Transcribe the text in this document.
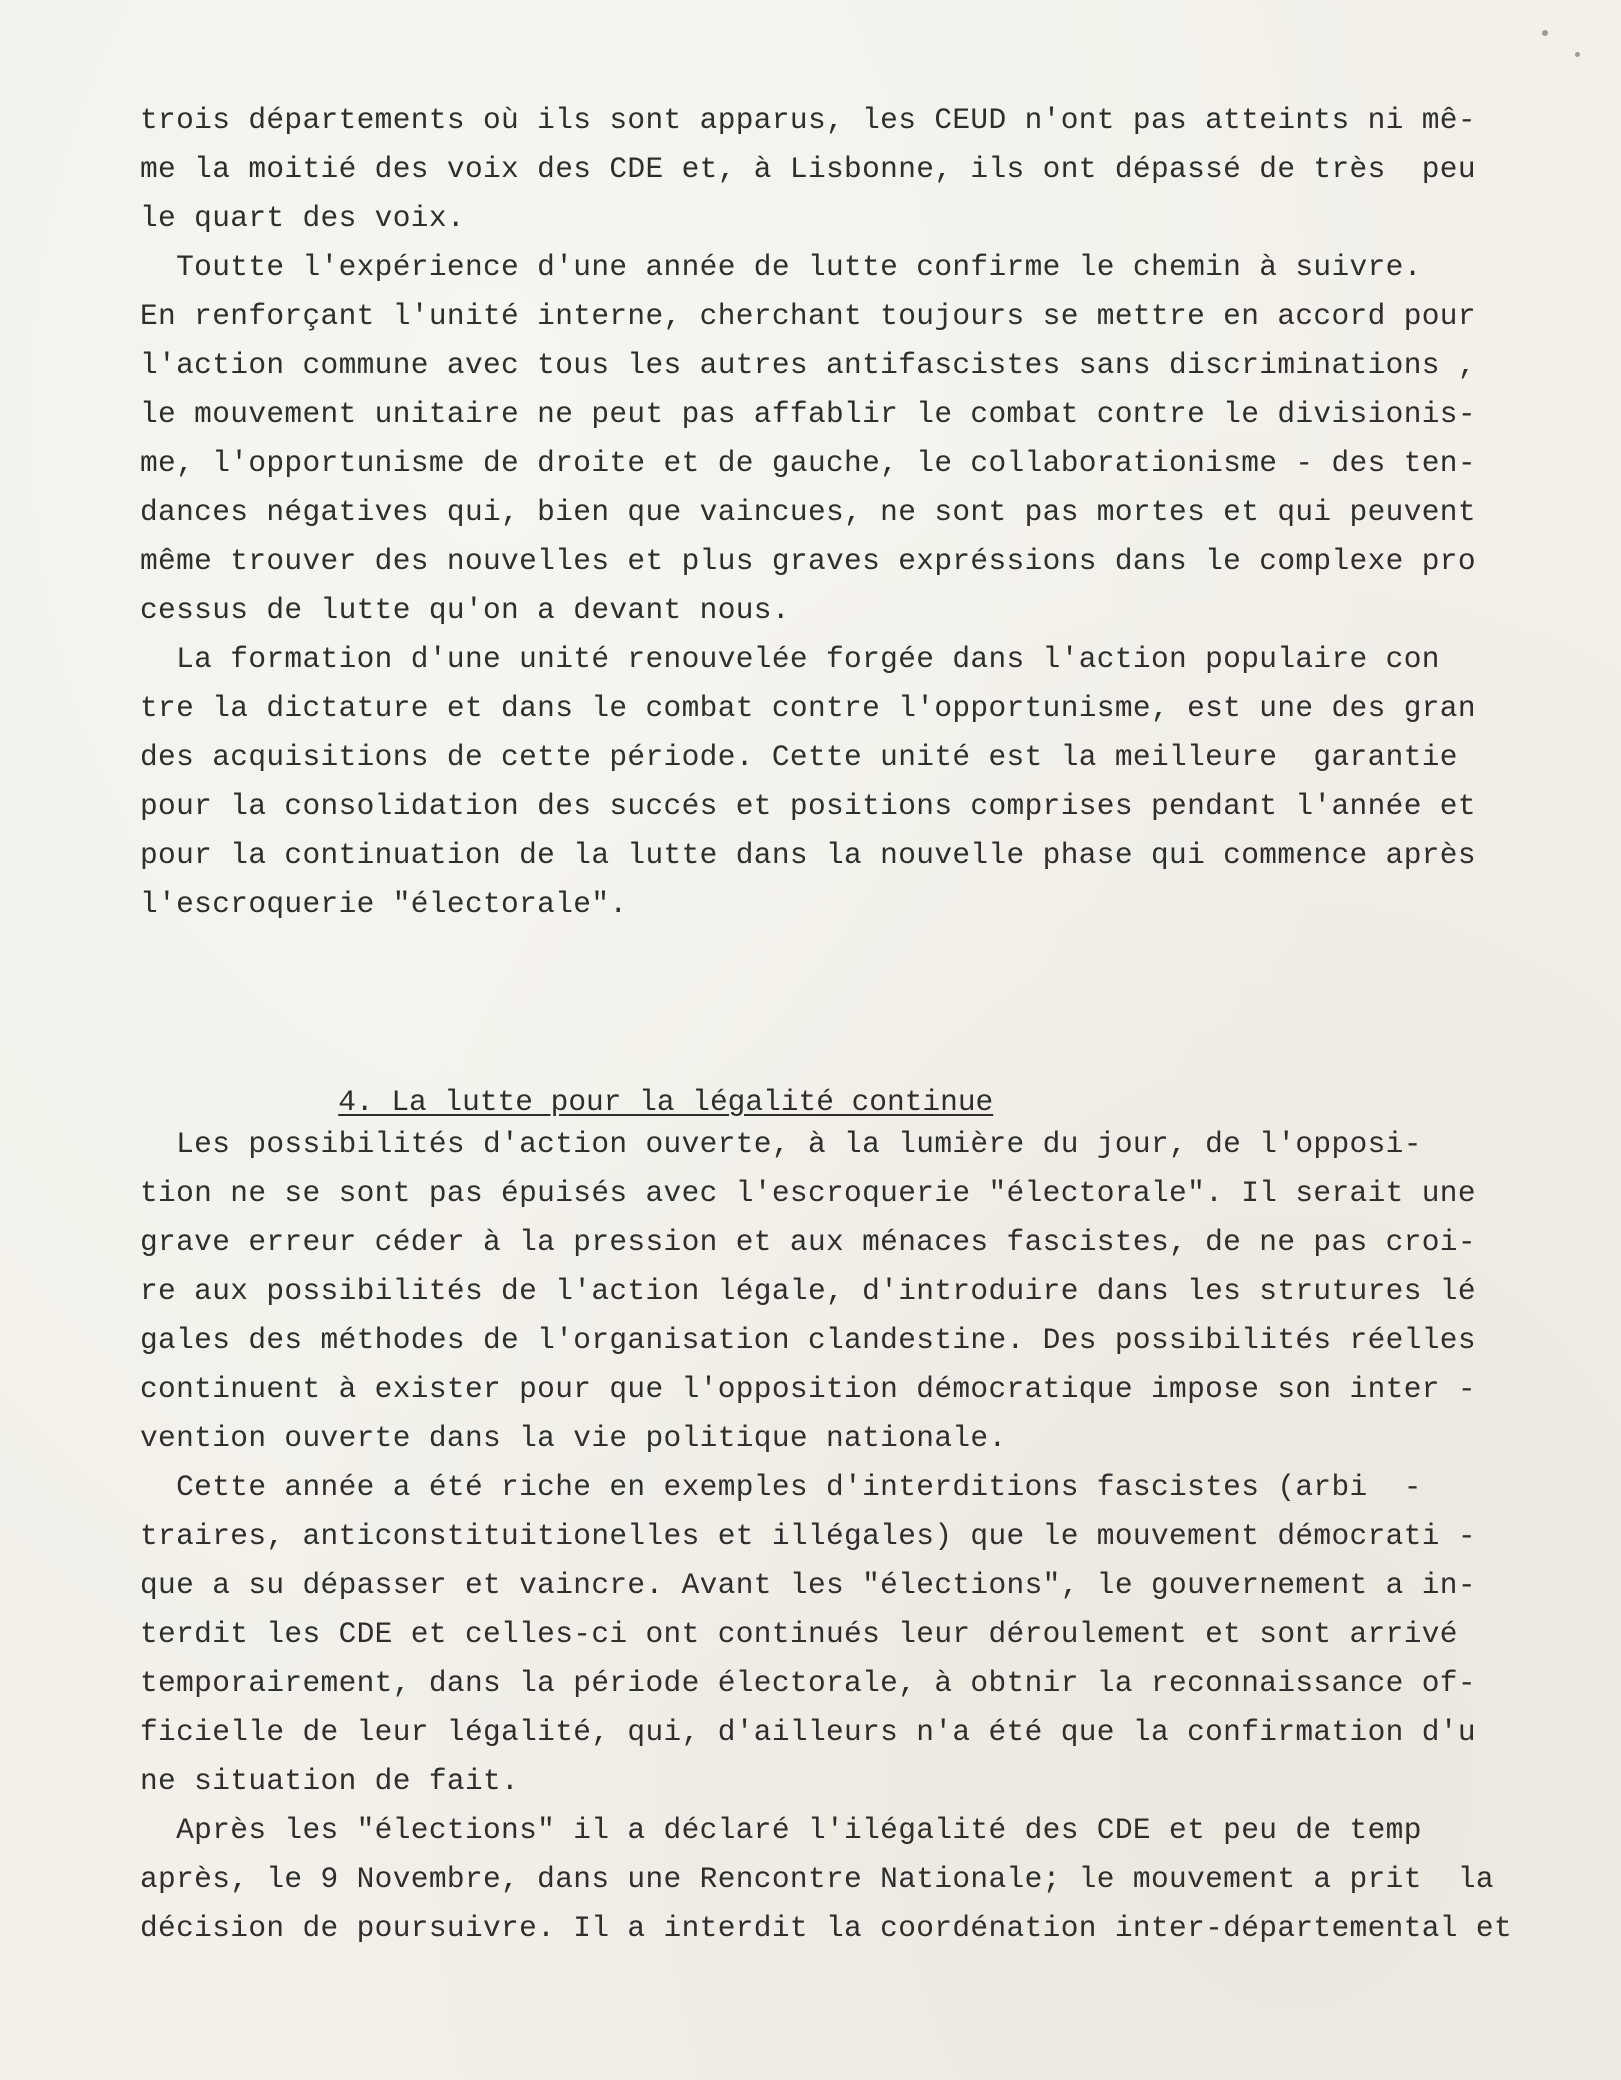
trois départements où ils sont apparus, les CEUD n'ont pas atteints ni mê-
me la moitié des voix des CDE et, à Lisbonne, ils ont dépassé de très  peu
le quart des voix.
Toutte l'expérience d'une année de lutte confirme le chemin à suivre.
En renforçant l'unité interne, cherchant toujours se mettre en accord pour
l'action commune avec tous les autres antifascistes sans discriminations ,
le mouvement unitaire ne peut pas affablir le combat contre le divisionis-
me, l'opportunisme de droite et de gauche, le collaborationisme - des ten-
dances négatives qui, bien que vaincues, ne sont pas mortes et qui peuvent
même trouver des nouvelles et plus graves expréssions dans le complexe pro
cessus de lutte qu'on a devant nous.
La formation d'une unité renouvelée forgée dans l'action populaire con
tre la dictature et dans le combat contre l'opportunisme, est une des gran
des acquisitions de cette période. Cette unité est la meilleure  garantie
pour la consolidation des succés et positions comprises pendant l'année et
pour la continuation de la lutte dans la nouvelle phase qui commence après
l'escroquerie "électorale".

4. La lutte pour la légalité continue

Les possibilités d'action ouverte, à la lumière du jour, de l'opposi-
tion ne se sont pas épuisés avec l'escroquerie "électorale". Il serait une
grave erreur céder à la pression et aux ménaces fascistes, de ne pas croi-
re aux possibilités de l'action légale, d'introduire dans les strutures lé
gales des méthodes de l'organisation clandestine. Des possibilités réelles
continuent à exister pour que l'opposition démocratique impose son inter -
vention ouverte dans la vie politique nationale.
Cette année a été riche en exemples d'interditions fascistes (arbi  -
traires, anticonstituitionelles et illégales) que le mouvement démocrati -
que a su dépasser et vaincre. Avant les "élections", le gouvernement a in-
terdit les CDE et celles-ci ont continués leur déroulement et sont arrivé
temporairement, dans la période électorale, à obtnir la reconnaissance of-
ficielle de leur légalité, qui, d'ailleurs n'a été que la confirmation d'u
ne situation de fait.
Après les "élections" il a déclaré l'ilégalité des CDE et peu de temp
après, le 9 Novembre, dans une Rencontre Nationale; le mouvement a prit  la
décision de poursuivre. Il a interdit la coordénation inter-départemental et
